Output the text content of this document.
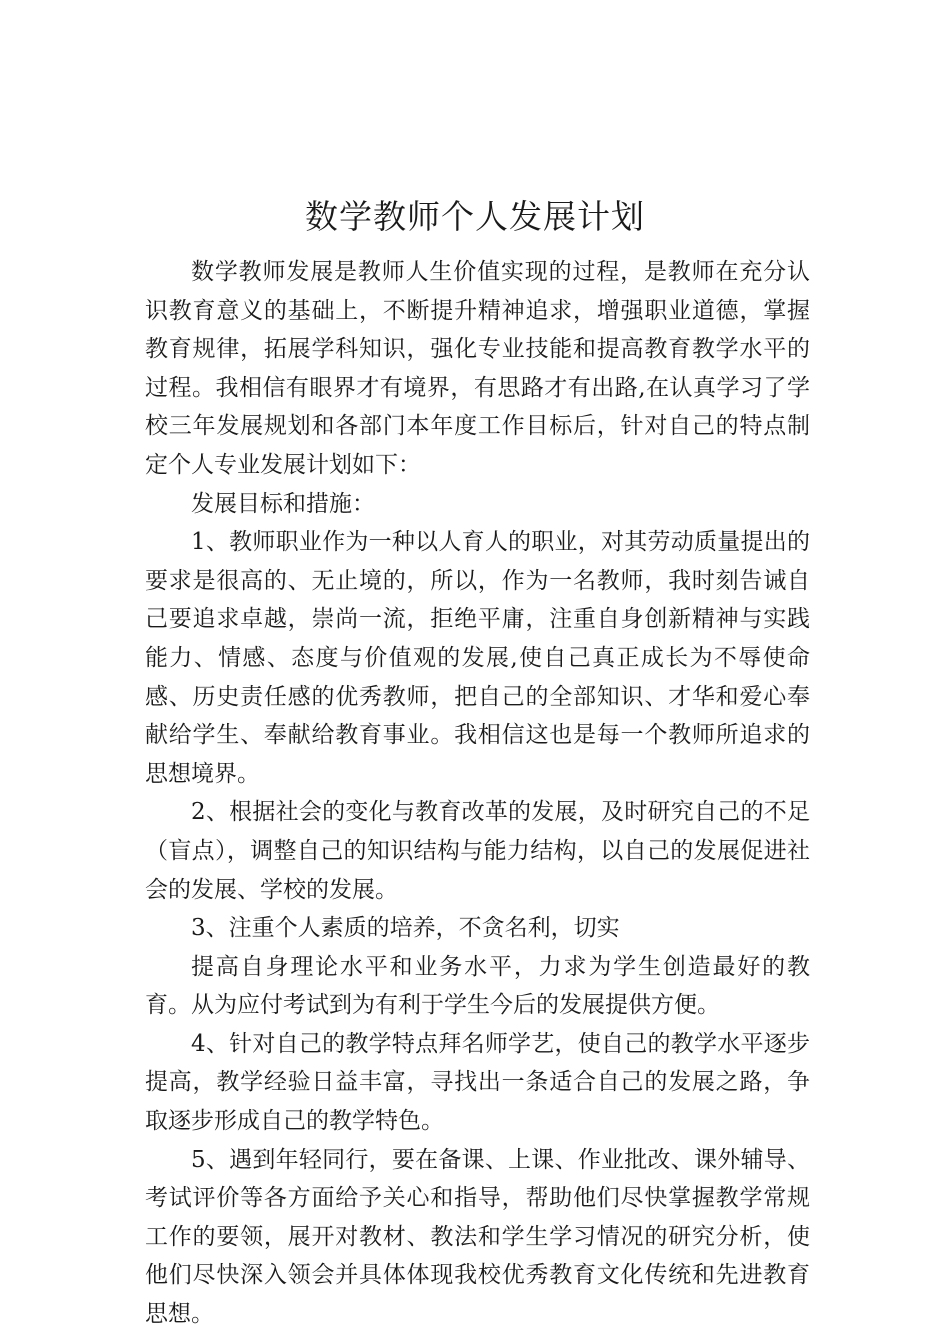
数学教师个人发展计划

数学教师发展是教师人生价值实现的过程，是教师在充分认识教育意义的基础上，不断提升精神追求，增强职业道德，掌握教育规律，拓展学科知识，强化专业技能和提高教育教学水平的过程。我相信有眼界才有境界，有思路才有出路,在认真学习了学校三年发展规划和各部门本年度工作目标后，针对自己的特点制定个人专业发展计划如下：

发展目标和措施：

1、教师职业作为一种以人育人的职业，对其劳动质量提出的要求是很高的、无止境的，所以，作为一名教师，我时刻告诫自己要追求卓越，崇尚一流，拒绝平庸，注重自身创新精神与实践能力、情感、态度与价值观的发展,使自己真正成长为不辱使命感、历史责任感的优秀教师，把自己的全部知识、才华和爱心奉献给学生、奉献给教育事业。我相信这也是每一个教师所追求的思想境界。

2、根据社会的变化与教育改革的发展，及时研究自己的不足（盲点），调整自己的知识结构与能力结构，以自己的发展促进社会的发展、学校的发展。

3、注重个人素质的培养，不贪名利，切实

提高自身理论水平和业务水平，力求为学生创造最好的教育。从为应付考试到为有利于学生今后的发展提供方便。

4、针对自己的教学特点拜名师学艺，使自己的教学水平逐步提高，教学经验日益丰富，寻找出一条适合自己的发展之路，争取逐步形成自己的教学特色。

5、遇到年轻同行，要在备课、上课、作业批改、课外辅导、考试评价等各方面给予关心和指导，帮助他们尽快掌握教学常规工作的要领，展开对教材、教法和学生学习情况的研究分析，使他们尽快深入领会并具体体现我校优秀教育文化传统和先进教育思想。
